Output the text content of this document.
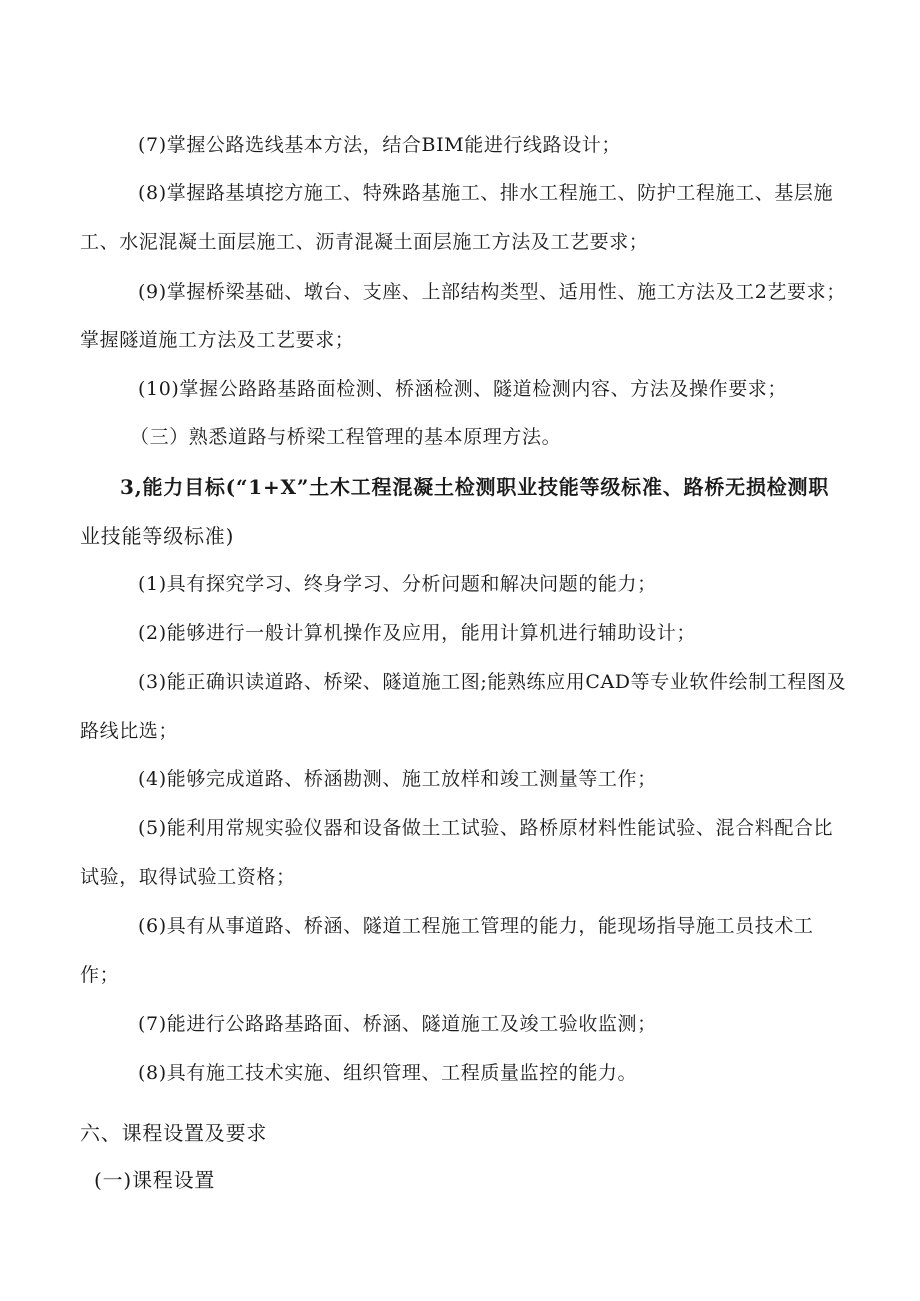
(7)掌握公路选线基本方法，结合BIM能进行线路设计；
(8)掌握路基填挖方施工、特殊路基施工、排水工程施工、防护工程施工、基层施
工、水泥混凝土面层施工、沥青混凝土面层施工方法及工艺要求；
(9)掌握桥梁基础、墩台、支座、上部结构类型、适用性、施工方法及工2艺要求；
掌握隧道施工方法及工艺要求；
(10)掌握公路路基路面检测、桥涵检测、隧道检测内容、方法及操作要求；
（三）熟悉道路与桥梁工程管理的基本原理方法。
3,能力目标(“1+X”土木工程混凝土检测职业技能等级标准、路桥无损检测职
业技能等级标准)
(1)具有探究学习、终身学习、分析问题和解决问题的能力；
(2)能够进行一般计算机操作及应用，能用计算机进行辅助设计；
(3)能正确识读道路、桥梁、隧道施工图;能熟练应用CAD等专业软件绘制工程图及
路线比选；
(4)能够完成道路、桥涵勘测、施工放样和竣工测量等工作；
(5)能利用常规实验仪器和设备做土工试验、路桥原材料性能试验、混合料配合比
试验，取得试验工资格；
(6)具有从事道路、桥涵、隧道工程施工管理的能力，能现场指导施工员技术工
作；
(7)能进行公路路基路面、桥涵、隧道施工及竣工验收监测；
(8)具有施工技术实施、组织管理、工程质量监控的能力。
六、课程设置及要求
(一)课程设置
